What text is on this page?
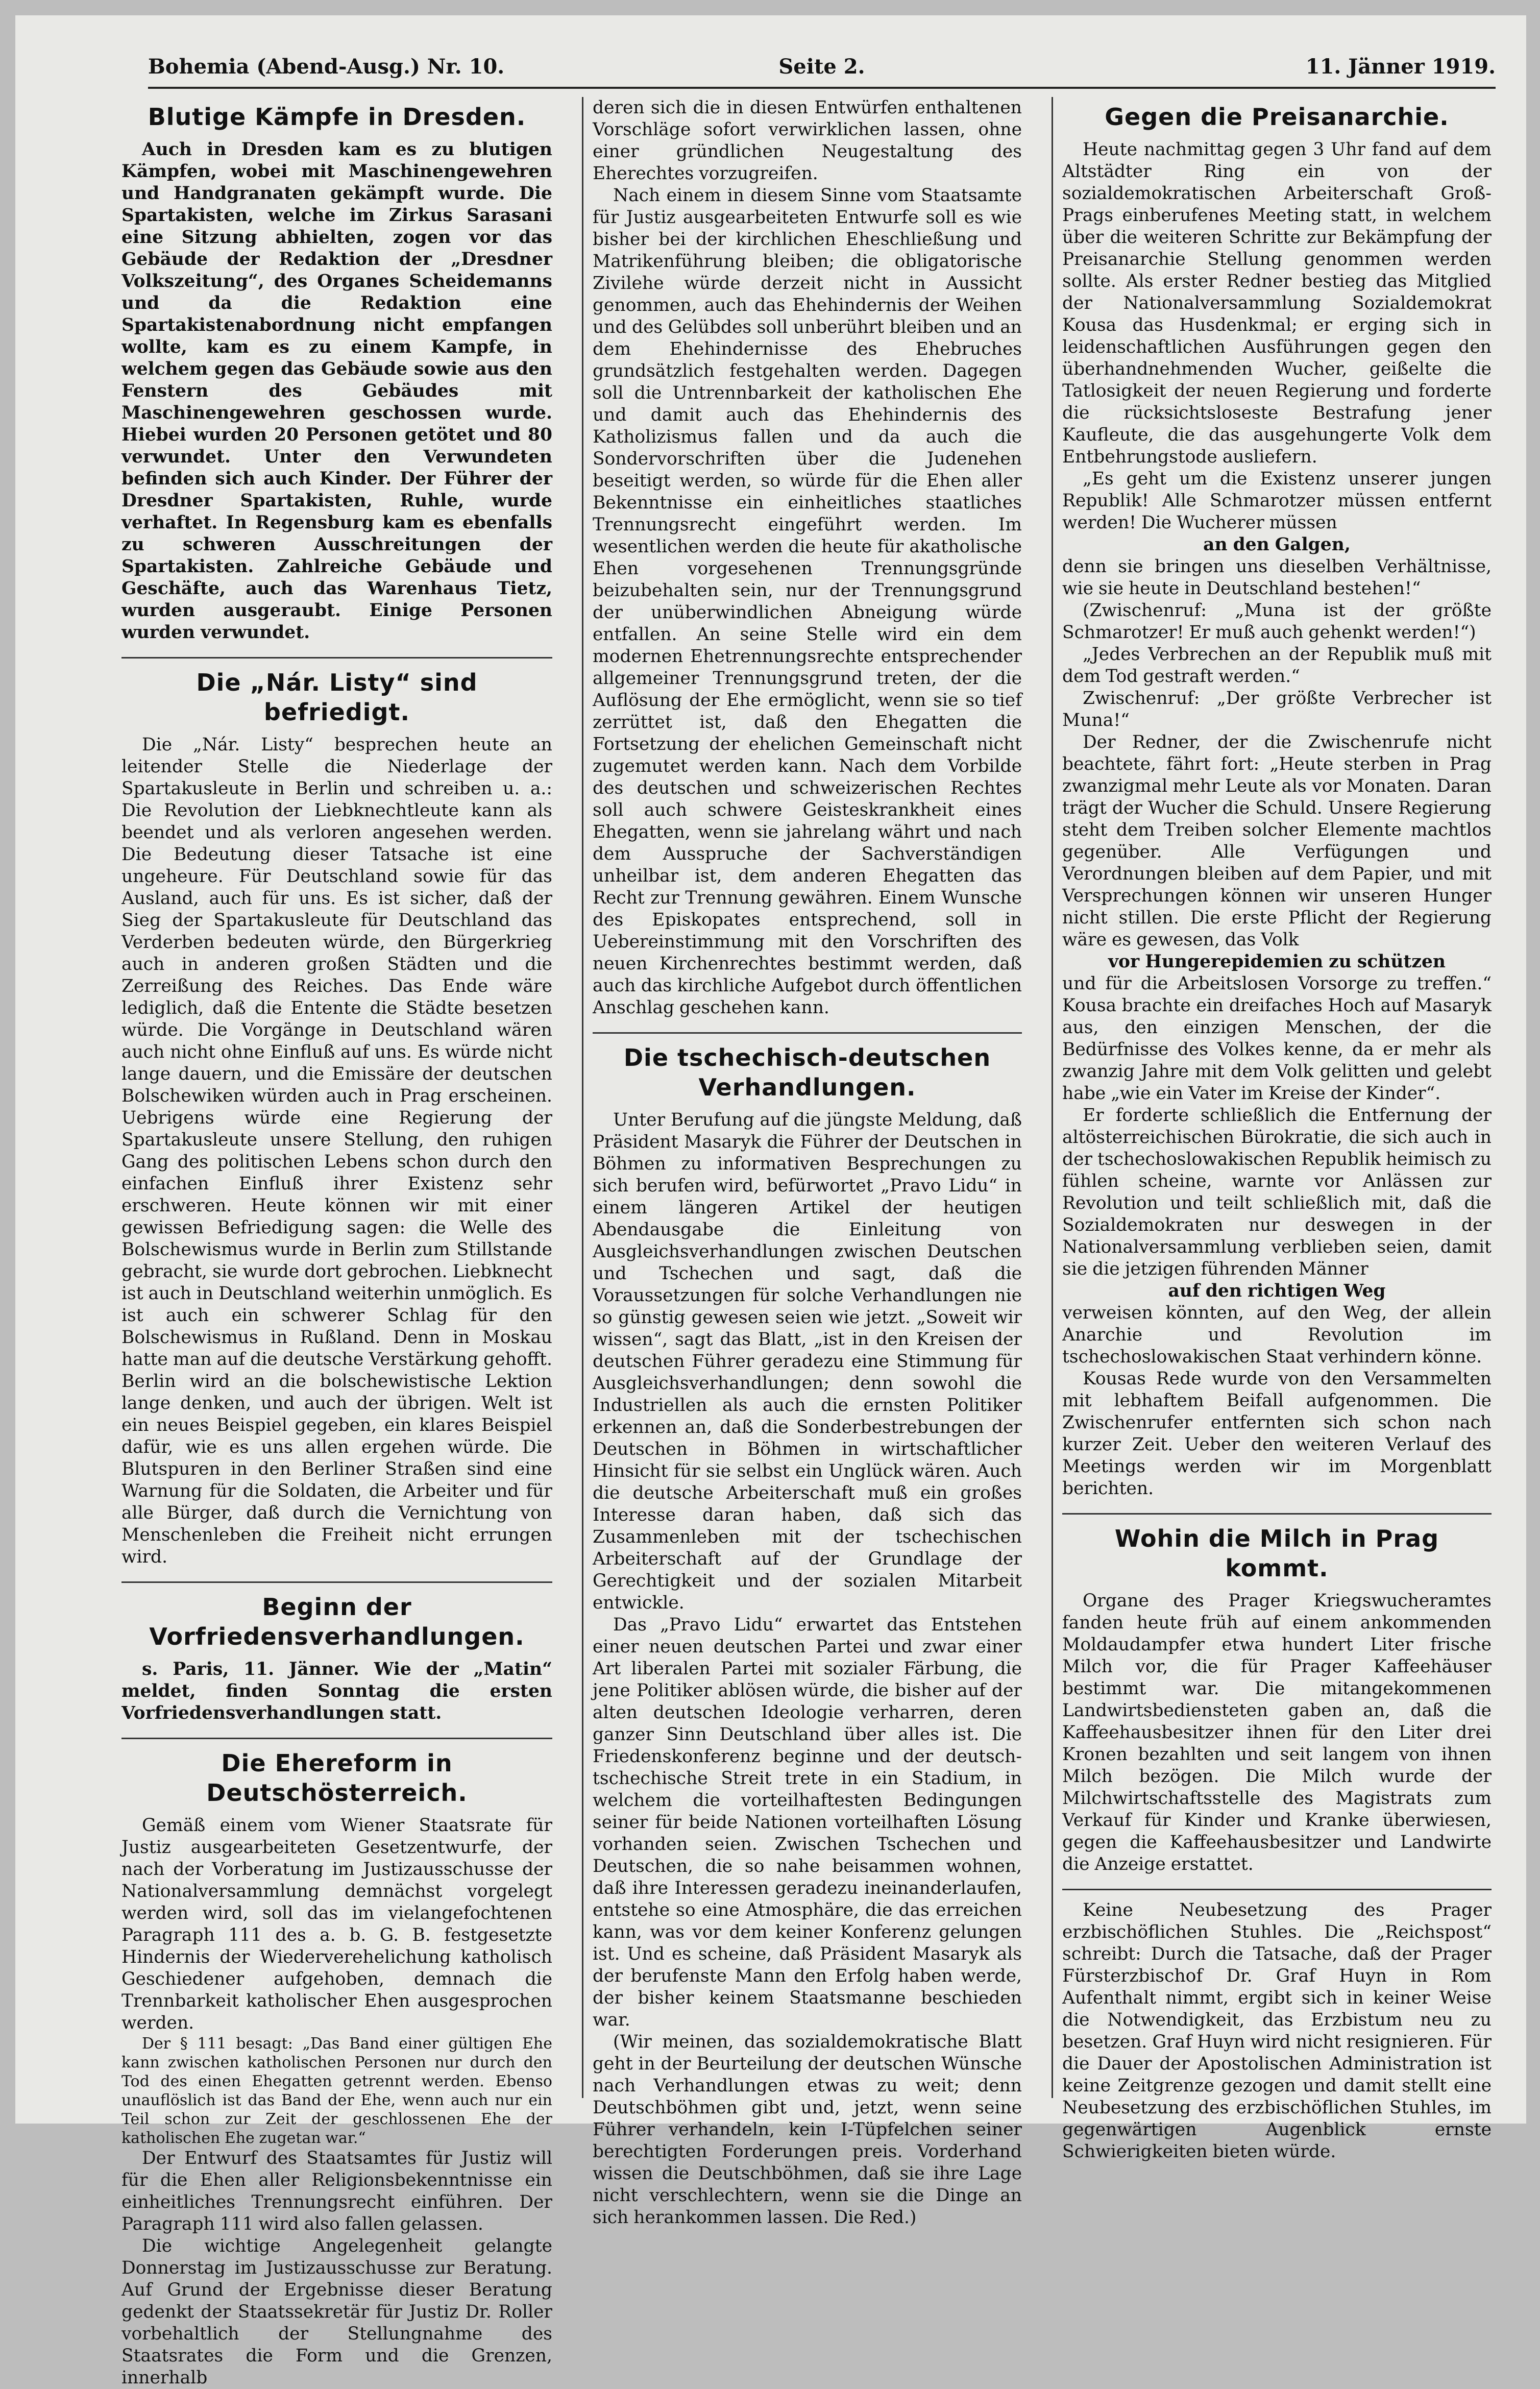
Bohemia (Abend-Ausg.) Nr. 10.	Seite 2.	11. Jänner 1919.
Blutige Kämpfe in Dresden.

Auch in Dresden kam es zu blutigen Kämpfen, wobei mit Maschinengewehren und Handgranaten gekämpft wurde. Die Spartakisten, welche im Zirkus Sarasani eine Sitzung abhielten, zogen vor das Gebäude der Redaktion der „Dresdner Volkszeitung“, des Organes Scheidemanns und da die Redaktion eine Spartakistenabordnung nicht empfangen wollte, kam es zu einem Kampfe, in welchem gegen das Gebäude sowie aus den Fenstern des Gebäudes mit Maschinengewehren geschossen wurde. Hiebei wurden 20 Personen getötet und 80 verwundet. Unter den Verwundeten befinden sich auch Kinder. Der Führer der Dresdner Spartakisten, Ruhle, wurde verhaftet. In Regensburg kam es ebenfalls zu schweren Ausschreitungen der Spartakisten. Zahlreiche Gebäude und Geschäfte, auch das Warenhaus Tietz, wurden ausgeraubt. Einige Personen wurden verwundet.

Die „Nár. Listy“ sind befriedigt.

Die „Nár. Listy“ besprechen heute an leitender Stelle die Niederlage der Spartakusleute in Berlin und schreiben u. a.: Die Revolution der Liebknechtleute kann als beendet und als verloren angesehen werden. Die Bedeutung dieser Tatsache ist eine ungeheure. Für Deutschland sowie für das Ausland, auch für uns. Es ist sicher, daß der Sieg der Spartakusleute für Deutschland das Verderben bedeuten würde, den Bürgerkrieg auch in anderen großen Städten und die Zerreißung des Reiches. Das Ende wäre lediglich, daß die Entente die Städte besetzen würde. Die Vorgänge in Deutschland wären auch nicht ohne Einfluß auf uns. Es würde nicht lange dauern, und die Emissäre der deutschen Bolschewiken würden auch in Prag erscheinen. Uebrigens würde eine Regierung der Spartakusleute unsere Stellung, den ruhigen Gang des politischen Lebens schon durch den einfachen Einfluß ihrer Existenz sehr erschweren. Heute können wir mit einer gewissen Befriedigung sagen: die Welle des Bolschewismus wurde in Berlin zum Stillstande gebracht, sie wurde dort gebrochen. Liebknecht ist auch in Deutschland weiterhin unmöglich. Es ist auch ein schwerer Schlag für den Bolschewismus in Rußland. Denn in Moskau hatte man auf die deutsche Verstärkung gehofft. Berlin wird an die bolschewistische Lektion lange denken, und auch der übrigen. Welt ist ein neues Beispiel gegeben, ein klares Beispiel dafür, wie es uns allen ergehen würde. Die Blutspuren in den Berliner Straßen sind eine Warnung für die Soldaten, die Arbeiter und für alle Bürger, daß durch die Vernichtung von Menschenleben die Freiheit nicht errungen wird.

Beginn der Vorfriedensverhandlungen.

s. Paris, 11. Jänner. Wie der „Matin“ meldet, finden Sonntag die ersten Vorfriedensverhandlungen statt.

Die Ehereform in Deutschösterreich.

Gemäß einem vom Wiener Staatsrate für Justiz ausgearbeiteten Gesetzentwurfe, der nach der Vorberatung im Justizausschusse der Nationalversammlung demnächst vorgelegt werden wird, soll das im vielangefochtenen Paragraph 111 des a. b. G. B. festgesetzte Hindernis der Wiederverehelichung katholisch Geschiedener aufgehoben, demnach die Trennbarkeit katholischer Ehen ausgesprochen werden.

Der § 111 besagt: „Das Band einer gültigen Ehe kann zwischen katholischen Personen nur durch den Tod des einen Ehegatten getrennt werden. Ebenso unauflöslich ist das Band der Ehe, wenn auch nur ein Teil schon zur Zeit der geschlossenen Ehe der katholischen Ehe zugetan war.“

Der Entwurf des Staatsamtes für Justiz will für die Ehen aller Religionsbekenntnisse ein einheitliches Trennungsrecht einführen. Der Paragraph 111 wird also fallen gelassen.

Die wichtige Angelegenheit gelangte Donnerstag im Justizausschusse zur Beratung. Auf Grund der Ergebnisse dieser Beratung gedenkt der Staatssekretär für Justiz Dr. Roller vorbehaltlich der Stellungnahme des Staatsrates die Form und die Grenzen, innerhalb

deren sich die in diesen Entwürfen enthaltenen Vorschläge sofort verwirklichen lassen, ohne einer gründlichen Neugestaltung des Eherechtes vorzugreifen.

Nach einem in diesem Sinne vom Staatsamte für Justiz ausgearbeiteten Entwurfe soll es wie bisher bei der kirchlichen Eheschließung und Matrikenführung bleiben; die obligatorische Zivilehe würde derzeit nicht in Aussicht genommen, auch das Ehehindernis der Weihen und des Gelübdes soll unberührt bleiben und an dem Ehehindernisse des Ehebruches grundsätzlich festgehalten werden. Dagegen soll die Untrennbarkeit der katholischen Ehe und damit auch das Ehehindernis des Katholizismus fallen und da auch die Sondervorschriften über die Judenehen beseitigt werden, so würde für die Ehen aller Bekenntnisse ein einheitliches staatliches Trennungsrecht eingeführt werden. Im wesentlichen werden die heute für akatholische Ehen vorgesehenen Trennungsgründe beizubehalten sein, nur der Trennungsgrund der unüberwindlichen Abneigung würde entfallen. An seine Stelle wird ein dem modernen Ehetrennungsrechte entsprechender allgemeiner Trennungsgrund treten, der die Auflösung der Ehe ermöglicht, wenn sie so tief zerrüttet ist, daß den Ehegatten die Fortsetzung der ehelichen Gemeinschaft nicht zugemutet werden kann. Nach dem Vorbilde des deutschen und schweizerischen Rechtes soll auch schwere Geisteskrankheit eines Ehegatten, wenn sie jahrelang währt und nach dem Ausspruche der Sachverständigen unheilbar ist, dem anderen Ehegatten das Recht zur Trennung gewähren. Einem Wunsche des Episkopates entsprechend, soll in Uebereinstimmung mit den Vorschriften des neuen Kirchenrechtes bestimmt werden, daß auch das kirchliche Aufgebot durch öffentlichen Anschlag geschehen kann.

Die tschechisch-deutschen Verhandlungen.

Unter Berufung auf die jüngste Meldung, daß Präsident Masaryk die Führer der Deutschen in Böhmen zu informativen Besprechungen zu sich berufen wird, befürwortet „Pravo Lidu“ in einem längeren Artikel der heutigen Abendausgabe die Einleitung von Ausgleichsverhandlungen zwischen Deutschen und Tschechen und sagt, daß die Voraussetzungen für solche Verhandlungen nie so günstig gewesen seien wie jetzt. „Soweit wir wissen“, sagt das Blatt, „ist in den Kreisen der deutschen Führer geradezu eine Stimmung für Ausgleichsverhandlungen; denn sowohl die Industriellen als auch die ernsten Politiker erkennen an, daß die Sonderbestrebungen der Deutschen in Böhmen in wirtschaftlicher Hinsicht für sie selbst ein Unglück wären. Auch die deutsche Arbeiterschaft muß ein großes Interesse daran haben, daß sich das Zusammenleben mit der tschechischen Arbeiterschaft auf der Grundlage der Gerechtigkeit und der sozialen Mitarbeit entwickle.

Das „Pravo Lidu“ erwartet das Entstehen einer neuen deutschen Partei und zwar einer Art liberalen Partei mit sozialer Färbung, die jene Politiker ablösen würde, die bisher auf der alten deutschen Ideologie verharren, deren ganzer Sinn Deutschland über alles ist. Die Friedenskonferenz beginne und der deutsch-tschechische Streit trete in ein Stadium, in welchem die vorteilhaftesten Bedingungen seiner für beide Nationen vorteilhaften Lösung vorhanden seien. Zwischen Tschechen und Deutschen, die so nahe beisammen wohnen, daß ihre Interessen geradezu ineinanderlaufen, entstehe so eine Atmosphäre, die das erreichen kann, was vor dem keiner Konferenz gelungen ist. Und es scheine, daß Präsident Masaryk als der berufenste Mann den Erfolg haben werde, der bisher keinem Staatsmanne beschieden war.

(Wir meinen, das sozialdemokratische Blatt geht in der Beurteilung der deutschen Wünsche nach Verhandlungen etwas zu weit; denn Deutschböhmen gibt und, jetzt, wenn seine Führer verhandeln, kein I-Tüpfelchen seiner berechtigten Forderungen preis. Vorderhand wissen die Deutschböhmen, daß sie ihre Lage nicht verschlechtern, wenn sie die Dinge an sich herankommen lassen. Die Red.)

Gegen die Preisanarchie.

Heute nachmittag gegen 3 Uhr fand auf dem Altstädter Ring ein von der sozialdemokratischen Arbeiterschaft Groß-Prags einberufenes Meeting statt, in welchem über die weiteren Schritte zur Bekämpfung der Preisanarchie Stellung genommen werden sollte. Als erster Redner bestieg das Mitglied der Nationalversammlung Sozialdemokrat Kousa das Husdenkmal; er erging sich in leidenschaftlichen Ausführungen gegen den überhandnehmenden Wucher, geißelte die Tatlosigkeit der neuen Regierung und forderte die rücksichtsloseste Bestrafung jener Kaufleute, die das ausgehungerte Volk dem Entbehrungstode ausliefern.

„Es geht um die Existenz unserer jungen Republik! Alle Schmarotzer müssen entfernt werden! Die Wucherer müssen

an den Galgen,

denn sie bringen uns dieselben Verhältnisse, wie sie heute in Deutschland bestehen!“

(Zwischenruf: „Muna ist der größte Schmarotzer! Er muß auch gehenkt werden!“)

„Jedes Verbrechen an der Republik muß mit dem Tod gestraft werden.“

Zwischenruf: „Der größte Verbrecher ist Muna!“

Der Redner, der die Zwischenrufe nicht beachtete, fährt fort: „Heute sterben in Prag zwanzigmal mehr Leute als vor Monaten. Daran trägt der Wucher die Schuld. Unsere Regierung steht dem Treiben solcher Elemente machtlos gegenüber. Alle Verfügungen und Verordnungen bleiben auf dem Papier, und mit Versprechungen können wir unseren Hunger nicht stillen. Die erste Pflicht der Regierung wäre es gewesen, das Volk

vor Hungerepidemien zu schützen

und für die Arbeitslosen Vorsorge zu treffen.“ Kousa brachte ein dreifaches Hoch auf Masaryk aus, den einzigen Menschen, der die Bedürfnisse des Volkes kenne, da er mehr als zwanzig Jahre mit dem Volk gelitten und gelebt habe „wie ein Vater im Kreise der Kinder“.

Er forderte schließlich die Entfernung der altösterreichischen Bürokratie, die sich auch in der tschechoslowakischen Republik heimisch zu fühlen scheine, warnte vor Anlässen zur Revolution und teilt schließlich mit, daß die Sozialdemokraten nur deswegen in der Nationalversammlung verblieben seien, damit sie die jetzigen führenden Männer

auf den richtigen Weg

verweisen könnten, auf den Weg, der allein Anarchie und Revolution im tschechoslowakischen Staat verhindern könne.

Kousas Rede wurde von den Versammelten mit lebhaftem Beifall aufgenommen. Die Zwischenrufer entfernten sich schon nach kurzer Zeit. Ueber den weiteren Verlauf des Meetings werden wir im Morgenblatt berichten.

Wohin die Milch in Prag kommt.

Organe des Prager Kriegswucheramtes fanden heute früh auf einem ankommenden Moldaudampfer etwa hundert Liter frische Milch vor, die für Prager Kaffeehäuser bestimmt war. Die mitangekommenen Landwirtsbediensteten gaben an, daß die Kaffeehausbesitzer ihnen für den Liter drei Kronen bezahlten und seit langem von ihnen Milch bezögen. Die Milch wurde der Milchwirtschaftsstelle des Magistrats zum Verkauf für Kinder und Kranke überwiesen, gegen die Kaffeehausbesitzer und Landwirte die Anzeige erstattet.

Keine Neubesetzung des Prager erzbischöflichen Stuhles. Die „Reichspost“ schreibt: Durch die Tatsache, daß der Prager Fürsterzbischof Dr. Graf Huyn in Rom Aufenthalt nimmt, ergibt sich in keiner Weise die Notwendigkeit, das Erzbistum neu zu besetzen. Graf Huyn wird nicht resignieren. Für die Dauer der Apostolischen Administration ist keine Zeitgrenze gezogen und damit stellt eine Neubesetzung des erzbischöflichen Stuhles, im gegenwärtigen Augenblick ernste Schwierigkeiten bieten würde.
